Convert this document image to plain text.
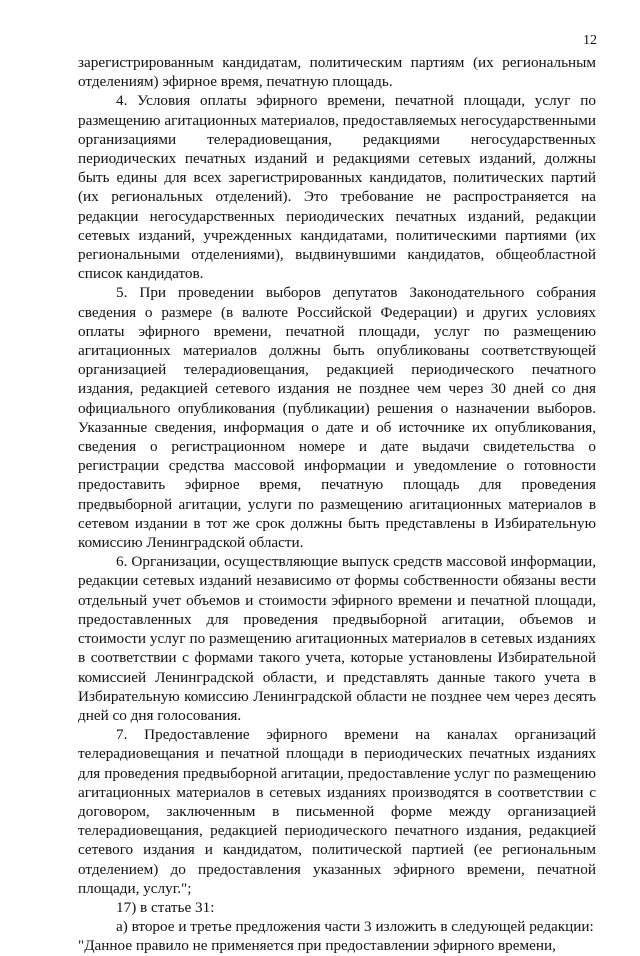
12

зарегистрированным кандидатам, политическим партиям (их региональным отделениям) эфирное время, печатную площадь.

4. Условия оплаты эфирного времени, печатной площади, услуг по размещению агитационных материалов, предоставляемых негосударственными организациями телерадиовещания, редакциями негосударственных периодических печатных изданий и редакциями сетевых изданий, должны быть едины для всех зарегистрированных кандидатов, политических партий (их региональных отделений). Это требование не распространяется на редакции негосударственных периодических печатных изданий, редакции сетевых изданий, учрежденных кандидатами, политическими партиями (их региональными отделениями), выдвинувшими кандидатов, общеобластной список кандидатов.

5. При проведении выборов депутатов Законодательного собрания сведения о размере (в валюте Российской Федерации) и других условиях оплаты эфирного времени, печатной площади, услуг по размещению агитационных материалов должны быть опубликованы соответствующей организацией телерадиовещания, редакцией периодического печатного издания, редакцией сетевого издания не позднее чем через 30 дней со дня официального опубликования (публикации) решения о назначении выборов. Указанные сведения, информация о дате и об источнике их опубликования, сведения о регистрационном номере и дате выдачи свидетельства о регистрации средства массовой информации и уведомление о готовности предоставить эфирное время, печатную площадь для проведения предвыборной агитации, услуги по размещению агитационных материалов в сетевом издании в тот же срок должны быть представлены в Избирательную комиссию Ленинградской области.

6. Организации, осуществляющие выпуск средств массовой информации, редакции сетевых изданий независимо от формы собственности обязаны вести отдельный учет объемов и стоимости эфирного времени и печатной площади, предоставленных для проведения предвыборной агитации, объемов и стоимости услуг по размещению агитационных материалов в сетевых изданиях в соответствии с формами такого учета, которые установлены Избирательной комиссией Ленинградской области, и представлять данные такого учета в Избирательную комиссию Ленинградской области не позднее чем через десять дней со дня голосования.

7. Предоставление эфирного времени на каналах организаций телерадиовещания и печатной площади в периодических печатных изданиях для проведения предвыборной агитации, предоставление услуг по размещению агитационных материалов в сетевых изданиях производятся в соответствии с договором, заключенным в письменной форме между организацией телерадиовещания, редакцией периодического печатного издания, редакцией сетевого издания и кандидатом, политической партией (ее региональным отделением) до предоставления указанных эфирного времени, печатной площади, услуг.";

17) в статье 31:

а) второе и третье предложения части 3 изложить в следующей редакции:

"Данное правило не применяется при предоставлении эфирного времени,
